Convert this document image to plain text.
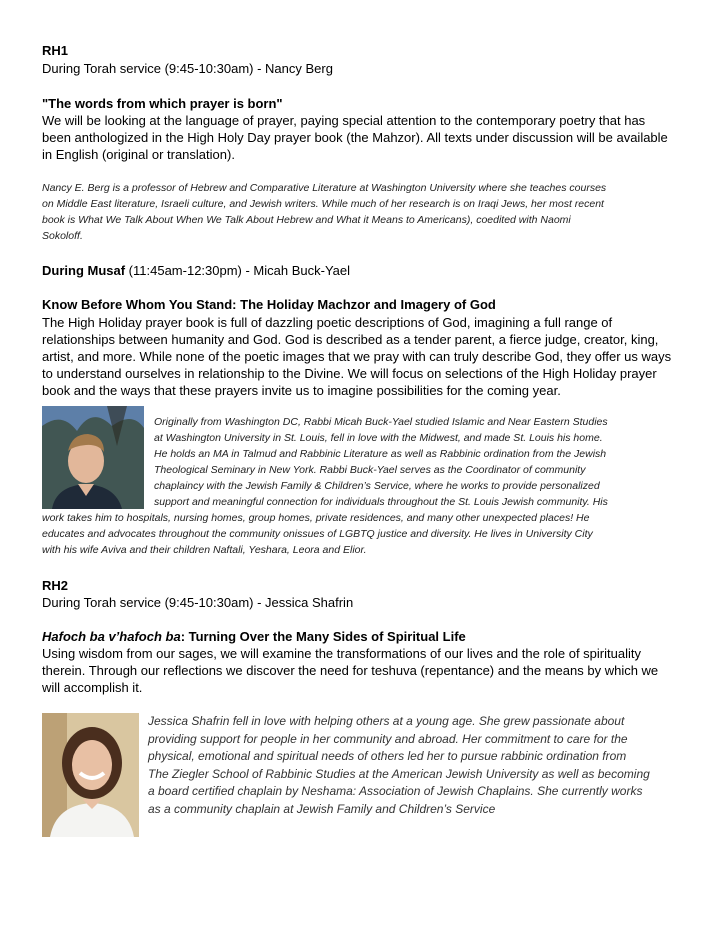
RH1
During Torah service (9:45-10:30am) - Nancy Berg
"The words from which prayer is born"
We will be looking at the language of prayer, paying special attention to the contemporary poetry that has
been anthologized in the High Holy Day prayer book (the Mahzor). All texts under discussion will be available
in English (original or translation).
Nancy E. Berg is a professor of Hebrew and Comparative Literature at Washington University where she teaches courses
on Middle East literature, Israeli culture, and Jewish writers. While much of her research is on Iraqi Jews, her most recent
book is What We Talk About When We Talk About Hebrew and What it Means to Americans), coedited with Naomi
Sokoloff.
During Musaf (11:45am-12:30pm) - Micah Buck-Yael
Know Before Whom You Stand: The Holiday Machzor and Imagery of God
The High Holiday prayer book is full of dazzling poetic descriptions of God, imagining a full range of
relationships between humanity and God. God is described as a tender parent, a fierce judge, creator, king,
artist, and more. While none of the poetic images that we pray with can truly describe God, they offer us ways
to understand ourselves in relationship to the Divine. We will focus on selections of the High Holiday prayer
book and the ways that these prayers invite us to imagine possibilities for the coming year.
Originally from Washington DC, Rabbi Micah Buck-Yael studied Islamic and Near Eastern Studies
at Washington University in St. Louis, fell in love with the Midwest, and made St. Louis his home.
He holds an MA in Talmud and Rabbinic Literature as well as Rabbinic ordination from the Jewish
Theological Seminary in New York. Rabbi Buck-Yael serves as the Coordinator of community
chaplaincy with the Jewish Family & Children’s Service, where he works to provide personalized
support and meaningful connection for individuals throughout the St. Louis Jewish community. His
work takes him to hospitals, nursing homes, group homes, private residences, and many other unexpected places! He
educates and advocates throughout the community onissues of LGBTQ justice and diversity. He lives in University City
with his wife Aviva and their children Naftali, Yeshara, Leora and Elior.
RH2
During Torah service (9:45-10:30am) - Jessica Shafrin
Hafoch ba v’hafoch ba: Turning Over the Many Sides of Spiritual Life
Using wisdom from our sages, we will examine the transformations of our lives and the role of spirituality
therein. Through our reflections we discover the need for teshuva (repentance) and the means by which we
will accomplish it.
Jessica Shafrin fell in love with helping others at a young age. She grew passionate about
providing support for people in her community and abroad. Her commitment to care for the
physical, emotional and spiritual needs of others led her to pursue rabbinic ordination from
The Ziegler School of Rabbinic Studies at the American Jewish University as well as becoming
a board certified chaplain by Neshama: Association of Jewish Chaplains. She currently works
as a community chaplain at Jewish Family and Children’s Service
